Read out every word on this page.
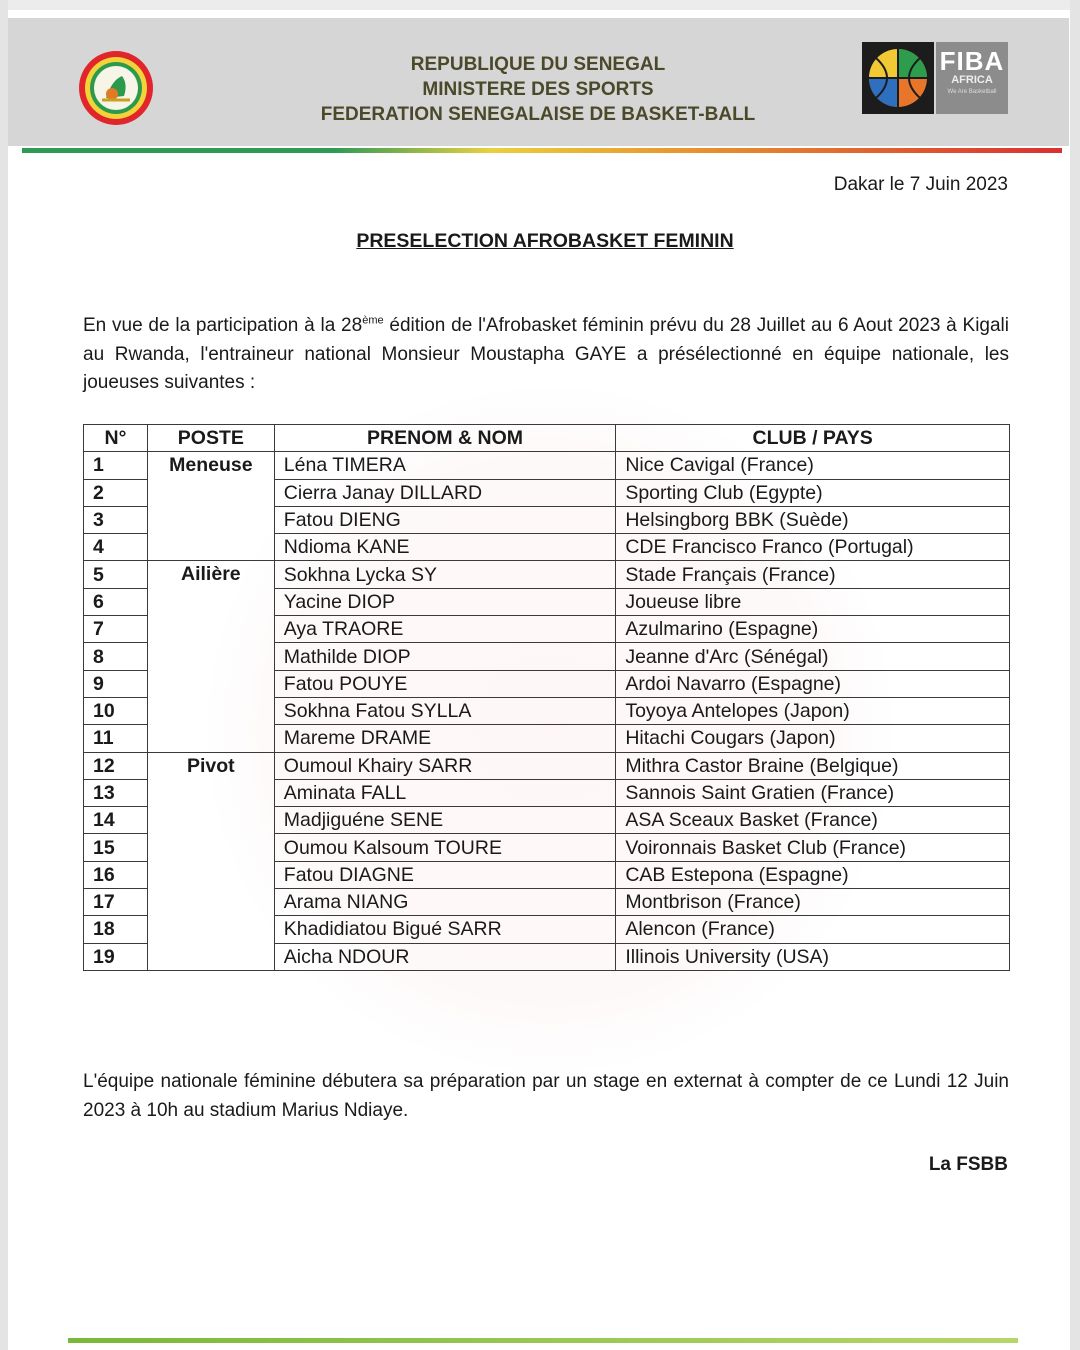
REPUBLIQUE DU SENEGAL
MINISTERE DES SPORTS
FEDERATION SENEGALAISE DE BASKET-BALL
FIBA
AFRICA
We Are Basketball
Dakar le 7 Juin 2023
PRESELECTION AFROBASKET FEMININ
En vue de la participation à la 28ème édition de l'Afrobasket féminin prévu du 28 Juillet au 6 Aout 2023 à Kigali au Rwanda, l'entraineur national Monsieur Moustapha GAYE a présélectionné en équipe nationale, les joueuses suivantes :
N°	POSTE	PRENOM & NOM	CLUB / PAYS
1	Meneuse	Léna TIMERA	Nice Cavigal (France)
2		Cierra Janay DILLARD	Sporting Club (Egypte)
3		Fatou DIENG	Helsingborg BBK (Suède)
4		Ndioma KANE	CDE Francisco Franco (Portugal)
5	Ailière	Sokhna Lycka SY	Stade Français (France)
6		Yacine DIOP	Joueuse libre
7		Aya TRAORE	Azulmarino (Espagne)
8		Mathilde DIOP	Jeanne d'Arc (Sénégal)
9		Fatou POUYE	Ardoi Navarro (Espagne)
10		Sokhna Fatou SYLLA	Toyoya Antelopes (Japon)
11		Mareme DRAME	Hitachi Cougars (Japon)
12	Pivot	Oumoul Khairy SARR	Mithra Castor Braine (Belgique)
13		Aminata FALL	Sannois Saint Gratien (France)
14		Madjiguéne SENE	ASA Sceaux Basket (France)
15		Oumou Kalsoum TOURE	Voironnais Basket Club (France)
16		Fatou DIAGNE	CAB Estepona (Espagne)
17		Arama NIANG	Montbrison (France)
18		Khadidiatou Bigué SARR	Alencon (France)
19		Aicha NDOUR	Illinois University (USA)
L'équipe nationale féminine débutera sa préparation par un stage en externat à compter de ce Lundi 12 Juin 2023 à 10h au stadium Marius Ndiaye.
La FSBB
